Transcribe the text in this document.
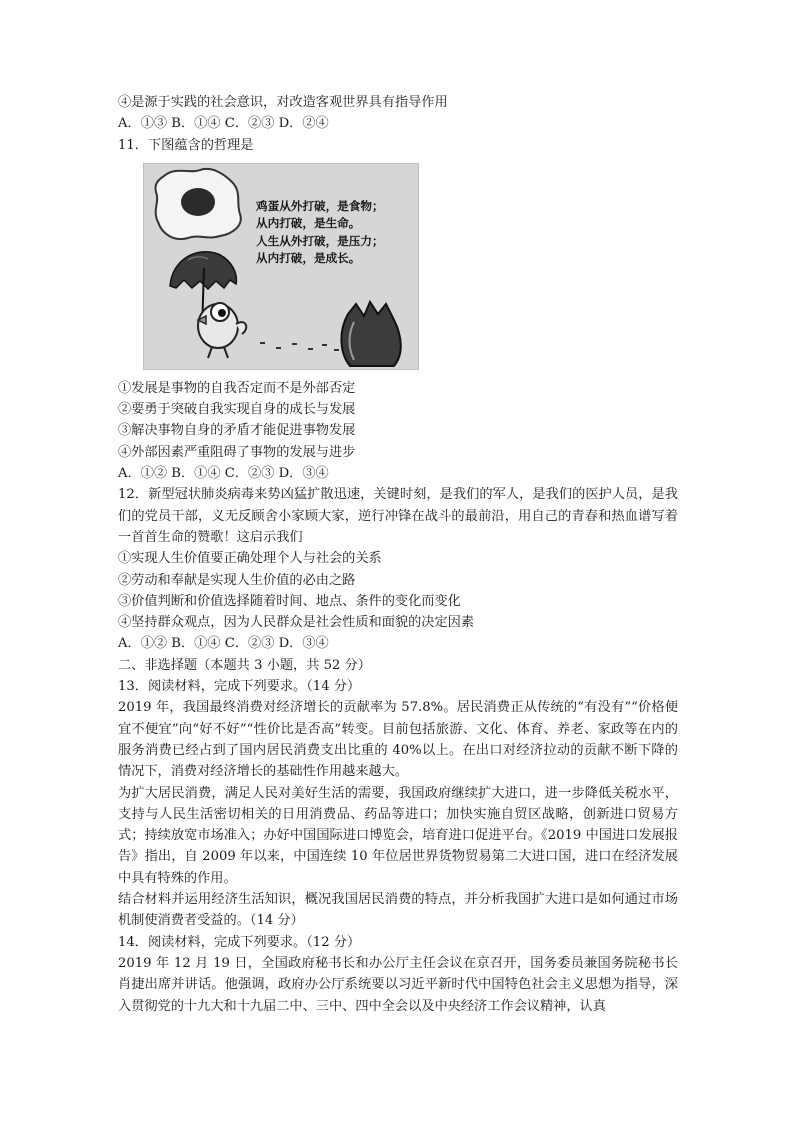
④是源于实践的社会意识，对改造客观世界具有指导作用

A．①③ B．①④ C．②③ D．②④

11．下图蕴含的哲理是

鸡蛋从外打破，是食物；
从内打破，是生命。
人生从外打破，是压力；
从内打破，是成长。

①发展是事物的自我否定而不是外部否定

②要勇于突破自我实现自身的成长与发展

③解决事物自身的矛盾才能促进事物发展

④外部因素严重阻碍了事物的发展与进步

A．①② B．①④ C．②③ D．③④

12．新型冠状肺炎病毒来势凶猛扩散迅速，关键时刻，是我们的军人，是我们的医护人员，是我们的党员干部，义无反顾舍小家顾大家，逆行冲锋在战斗的最前沿，用自己的青春和热血谱写着一首首生命的赞歌！这启示我们

①实现人生价值要正确处理个人与社会的关系

②劳动和奉献是实现人生价值的必由之路

③价值判断和价值选择随着时间、地点、条件的变化而变化

④坚持群众观点，因为人民群众是社会性质和面貌的决定因素

A．①② B．①④ C．②③ D．③④

二、非选择题（本题共 3 小题，共 52 分）

13．阅读材料，完成下列要求。（14 分）

2019 年，我国最终消费对经济增长的贡献率为 57.8%。居民消费正从传统的“有没有”“价格便宜不便宜”向“好不好”“性价比是否高”转变。目前包括旅游、文化、体育、养老、家政等在内的服务消费已经占到了国内居民消费支出比重的 40%以上。在出口对经济拉动的贡献不断下降的情况下，消费对经济增长的基础性作用越来越大。

为扩大居民消费，满足人民对美好生活的需要，我国政府继续扩大进口，进一步降低关税水平，支持与人民生活密切相关的日用消费品、药品等进口；加快实施自贸区战略，创新进口贸易方式；持续放宽市场准入；办好中国国际进口博览会，培育进口促进平台。《2019 中国进口发展报告》指出，自 2009 年以来，中国连续 10 年位居世界货物贸易第二大进口国，进口在经济发展中具有特殊的作用。

结合材料并运用经济生活知识，概况我国居民消费的特点，并分析我国扩大进口是如何通过市场机制使消费者受益的。（14 分）

14．阅读材料，完成下列要求。（12 分）

2019 年 12 月 19 日，全国政府秘书长和办公厅主任会议在京召开，国务委员兼国务院秘书长肖捷出席并讲话。他强调，政府办公厅系统要以习近平新时代中国特色社会主义思想为指导，深入贯彻党的十九大和十九届二中、三中、四中全会以及中央经济工作会议精神，认真
